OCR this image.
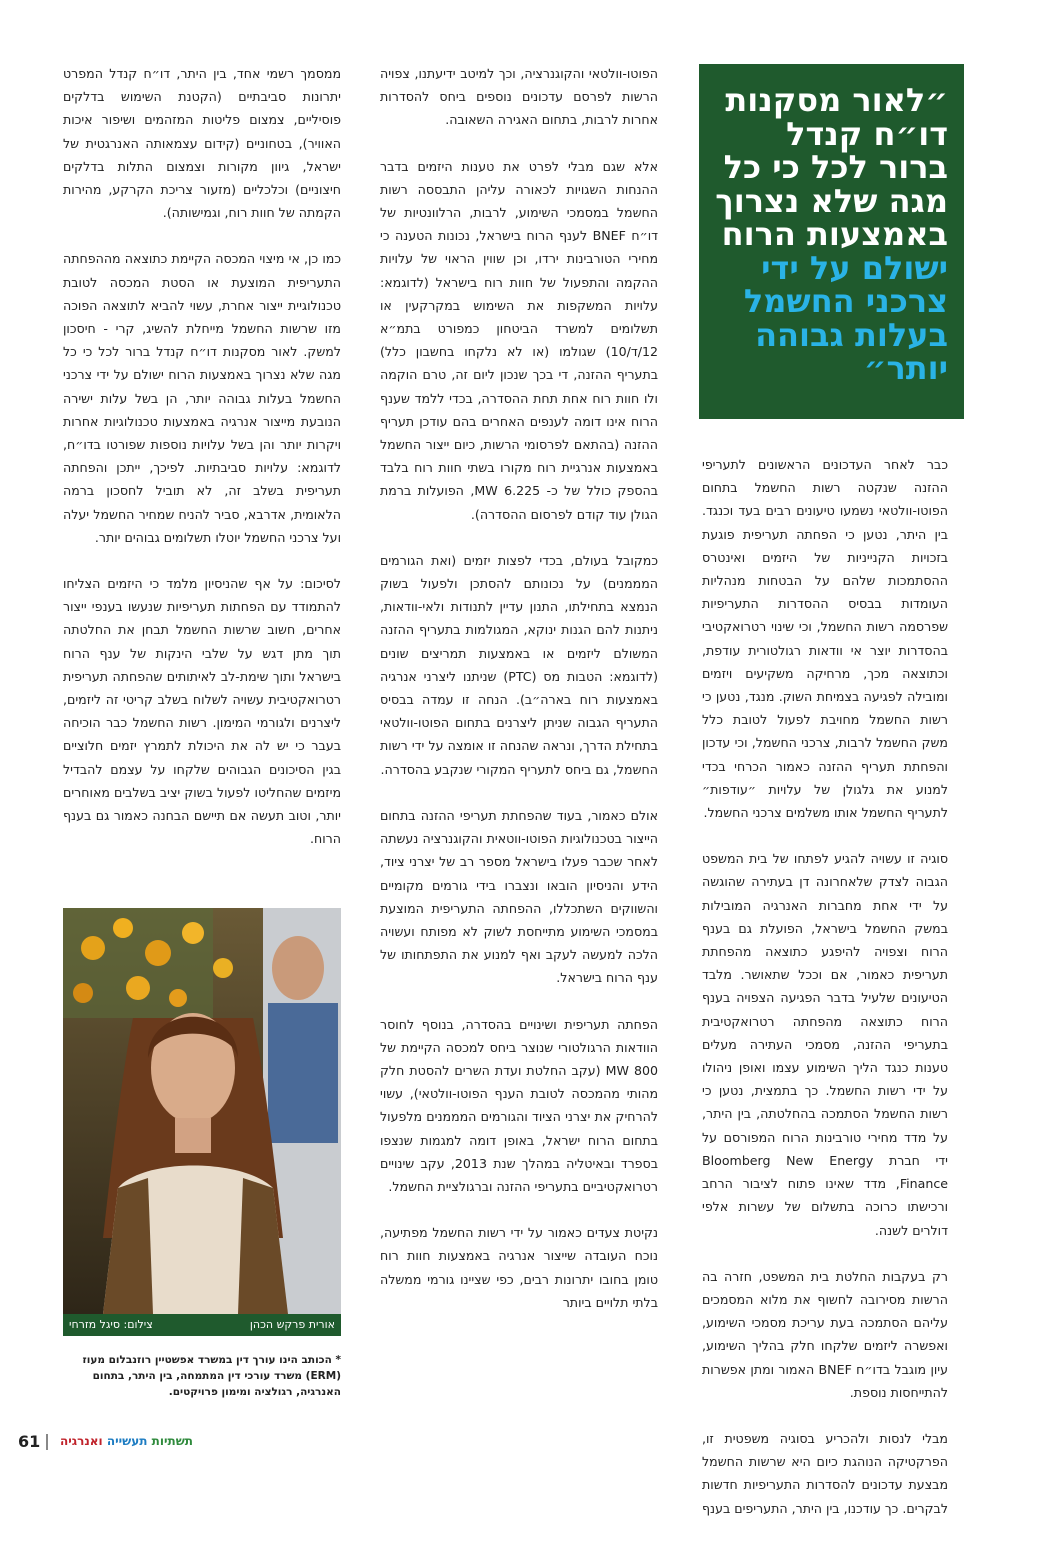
״לאור מסקנות דו״ח קנדל ברור לכל כי כל מגה שלא נצרוך באמצעות הרוח ישולם על ידי צרכני החשמל בעלות גבוהה יותר״

כבר לאחר העדכונים הראשונים לתעריפי ההזנה שנקטה רשות החשמל בתחום הפוטו-וולטאי נשמעו טיעונים רבים בעד וכנגד. בין היתר, נטען כי הפחתה תעריפית פוגעת בזכויות הקנייניות של היזמים ואינטרס ההסתמכות שלהם על הבטחות מנהליות העומדות בבסיס ההסדרות התעריפיות שפרסמה רשות החשמל, וכי שינוי רטרואקטיבי בהסדרות יוצר אי וודאות רגולטורית עודפת, וכתוצאה מכך, מרחיקה משקיעים ויזמים ומובילה לפגיעה בצמיחת השוק. מנגד, נטען כי רשות החשמל מחויבת לפעול לטובת כלל משק החשמל לרבות, צרכני החשמל, וכי עדכון והפחתת תעריף ההזנה כאמור הכרחי בכדי למנוע את גלגולן של עלויות ״עודפות״ לתעריף החשמל אותו משלמים צרכני החשמל.

סוגיה זו עשויה להגיע לפתחו של בית המשפט הגבוה לצדק שלאחרונה דן בעתירה שהוגשה על ידי אחת מחברות האנרגיה המובילות במשק החשמל בישראל, הפועלת גם בענף הרוח וצפויה להיפגע כתוצאה מהפחתת תעריפית כאמור, אם וככל שתאושר. מלבד הטיעונים שלעיל בדבר הפגיעה הצפויה בענף הרוח כתוצאה מהפחתה רטרואקטיבית בתעריפי ההזנה, מסמכי העתירה מעלים טענות כנגד הליך השימוע עצמו ואופן ניהולו על ידי רשות החשמל. כך בתמצית, נטען כי רשות החשמל הסתמכה בהחלטתה, בין היתר, על מדד מחירי טורבינות הרוח המפורסם על ידי חברת Bloomberg New Energy Finance, מדד שאינו פתוח לציבור הרחב ורכישתו כרוכה בתשלום של עשרות אלפי דולרים לשנה.

רק בעקבות החלטת בית המשפט, חזרה בה הרשות מסירובה לחשוף את מלוא המסמכים עליהם הסתמכה בעת עריכת מסמכי השימוע, ואפשרה ליזמים שלקחו חלק בהליך השימוע, עיון מוגבל בדו״ח BNEF האמור ומתן אפשרות להתייחסות נוספת.

מבלי לנסות ולהכריע בסוגיה משפטית זו, הפרקטיקה הנוהגת כיום היא שרשות החשמל מבצעת עדכונים להסדרות התעריפיות חדשות לבקרים. כך עודכנו, בין היתר, התעריפים בענף

הפוטו-וולטאי והקוגנרציה, וכך למיטב ידיעתנו, צפויה הרשות לפרסם עדכונים נוספים ביחס להסדרות אחרות לרבות, בתחום האגירה השאובה.

אלא שגם מבלי לפרט את טענות היזמים בדבר ההנחות השגויות לכאורה עליהן התבססה רשות החשמל במסמכי השימוע, לרבות, הרלוונטיות של דו״ח BNEF לענף הרוח בישראל, נכונות הטענה כי מחירי הטורבינות ירדו, וכן שווין הראוי של עלויות ההקמה והתפעול של חוות רוח בישראל (לדוגמא: עלויות המשקפות את השימוש במקרקעין או תשלומים למשרד הביטחון כמפורט בתמ״א 12/ד/10) שגולמו (או לא נלקחו בחשבון כלל) בתעריף ההזנה, די בכך שנכון ליום זה, טרם הוקמה ולו חוות רוח אחת תחת ההסדרה, בכדי ללמד שענף הרוח אינו דומה לענפים האחרים בהם עודכן תעריף ההזנה (בהתאם לפרסומי הרשות, כיום ייצור החשמל באמצעות אנרגיית רוח מקורו בשתי חוות רוח בלבד בהספק כולל של כ- MW 6.225, הפועלות ברמת הגולן עוד קודם לפרסום ההסדרה).

כמקובל בעולם, בכדי לפצות יזמים (ואת הגורמים המממנים) על נכונותם להסתכן ולפעול בשוק הנמצא בתחילתו, התנון עדיין לתנודות ולאי-וודאות, ניתנות להם הגנות ינוקא, המגולמות בתעריף ההזנה המשולם ליזמים או באמצעות תמריצים שונים (לדוגמא: הטבות מס (PTC) שניתנו ליצרני אנרגיה באמצעות רוח בארה״ב). הנחה זו עמדה בבסיס התעריף הגבוה שניתן ליצרנים בתחום הפוטו-וולטאי בתחילת הדרך, ונראה שהנחה זו אומצה על ידי רשות החשמל, גם ביחס לתעריף המקורי שנקבע בהסדרה.

אולם כאמור, בעוד שהפחתת תעריפי ההזנה בתחום הייצור בטכנולוגיות הפוטו-ווטאית והקוגנרציה נעשתה לאחר שכבר פעלו בישראל מספר רב של יצרני ציוד, הידע והניסיון הובאו ונצברו בידי גורמים מקומיים והשווקים השתכללו, ההפחתה התעריפית המוצעת במסמכי השימוע מתייחסת לשוק לא מפותח ועשויה הלכה למעשה לעקב ואף למנוע את התפתחותו של ענף הרוח בישראל.

הפחתה תעריפית ושינויים בהסדרה, בנוסף לחוסר הוודאות הרגולטורי שנוצר ביחס למכסה הקיימת של MW 800 (עקב החלטת ועדת השרים להסטת חלק מהותי מהמכסה לטובת הענף הפוטו-וולטאי), עשוי להרחיק את יצרני הציוד והגורמים המממנים מלפעול בתחום הרוח ישראל, באופן דומה למגמות שנצפו בספרד ובאיטליה במהלך שנת 2013, עקב שינויים רטרואקטיביים בתעריפי ההזנה וברגולציית החשמל.

נקיטת צעדים כאמור על ידי רשות החשמל מפתיעה, נוכח העובדה שייצור אנרגיה באמצעות חוות רוח טומן בחובו יתרונות רבים, כפי שציינו גורמי ממשלה בלתי תלויים ביותר

ממסמך רשמי אחד, בין היתר, דו״ח קנדל המפרט יתרונות סביבתיים (הקטנת השימוש בדלקים פוסיליים, צמצום פליטות המזהמים ושיפור איכות האוויר), בטחוניים (קידום עצמאותה האנרגטית של ישראל, גיוון מקורות וצמצום התלות בדלקים חיצוניים) וכלכליים (מזעור צריכת הקרקע, מהירות הקמתה של חוות רוח, וגמישותה).

כמו כן, אי מיצוי המכסה הקיימת כתוצאה מההפחתה התעריפית המוצעת או הסטת המכסה לטובת טכנולוגיית ייצור אחרת, עשוי להביא לתוצאה הפוכה מזו שרשות החשמל מייחלת להשיג, קרי - חיסכון למשק. לאור מסקנות דו״ח קנדל ברור לכל כי כל מגה שלא נצרוך באמצעות הרוח ישולם על ידי צרכני החשמל בעלות גבוהה יותר, הן בשל עלות ישירה הנובעת מייצור אנרגיה באמצעות טכנולוגיות אחרות ויקרות יותר והן בשל עלויות נוספות שפורטו בדו״ח, לדוגמא: עלויות סביבתיות. לפיכך, ייתכן והפחתה תעריפית בשלב זה, לא תוביל לחסכון ברמה הלאומית, אדרבא, סביר להניח שמחיר החשמל יעלה ועל צרכני החשמל יוטלו תשלומים גבוהים יותר.

לסיכום: על אף שהניסיון מלמד כי היזמים הצליחו להתמודד עם הפחתות תעריפיות שנעשו בענפי ייצור אחרים, חשוב שרשות החשמל תבחן את החלטתה תוך מתן דגש על שלבי הינקות של ענף הרוח בישראל ותוך שימת-לב לאיתותים שהפחתה תעריפית רטרואקטיבית עשויה לשלוח בשלב קריטי זה ליזמים, ליצרנים ולגורמי המימון. רשות החשמל כבר הוכיחה בעבר כי יש לה את היכולת לתמרץ יזמים חלוציים בגין הסיכונים הגבוהים שלקחו על עצמם להבדיל מיזמים שהחליטו לפעול בשוק יציב בשלבים מאוחרים יותר, וטוב תעשה אם תיישם הבחנה כאמור גם בענף הרוח.

אורית פרקש הכהן
צילום: סיגל מזרחי
* הכותב הינו עורך דין במשרד אפשטיין רוזנבלום מעוז (ERM) משרד עורכי דין המתמחה, בין היתר, בתחום האנרגיה, רגולציה ומימון פרויקטים.
61	תשתיות תעשייה ואנרגיה
